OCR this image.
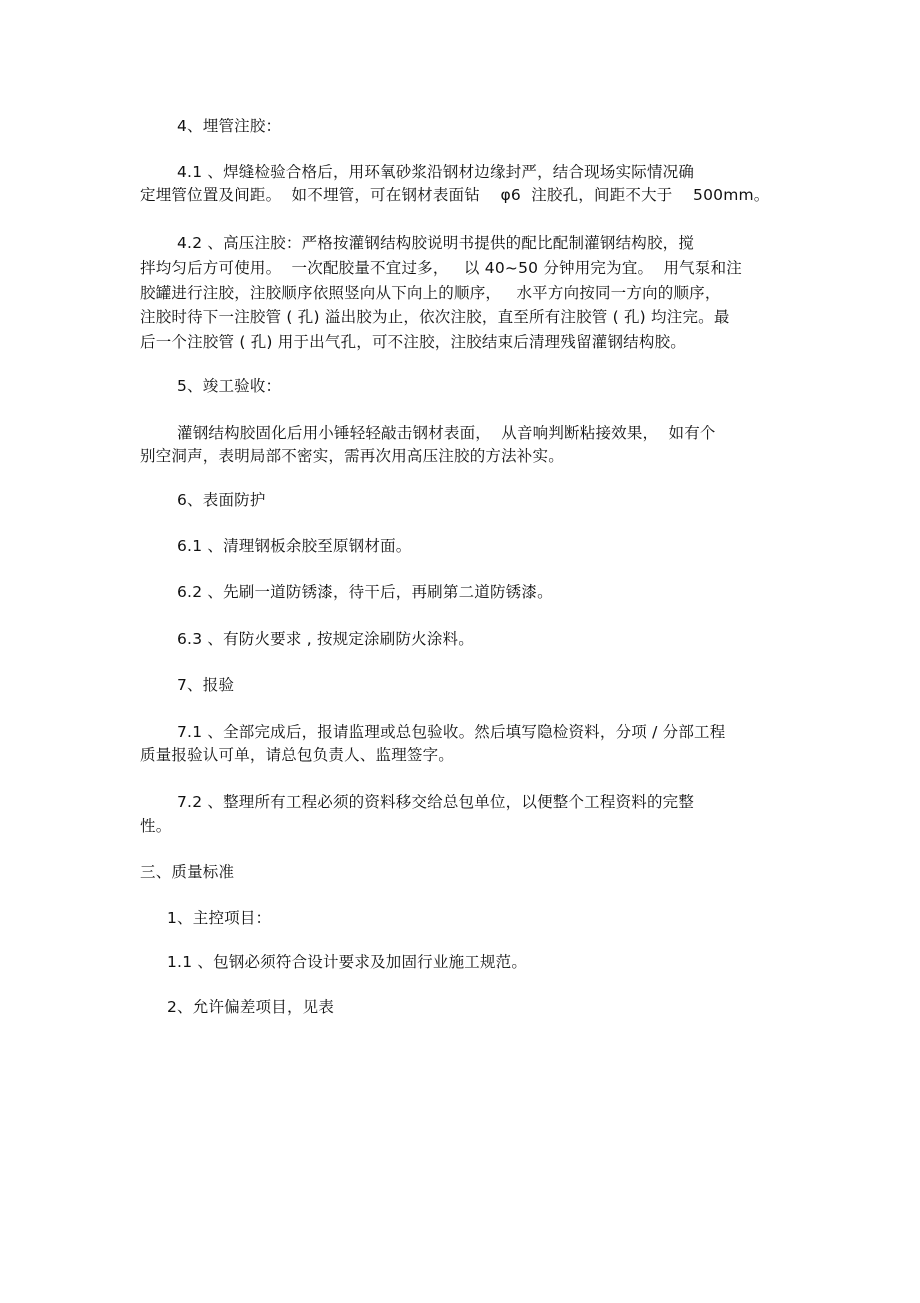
4、埋管注胶：
4.1 、焊缝检验合格后，用环氧砂浆沿钢材边缘封严，结合现场实际情况确
定埋管位置及间距。  如不埋管，可在钢材表面钻    φ6  注胶孔，间距不大于    500mm。
4.2 、高压注胶：严格按灌钢结构胶说明书提供的配比配制灌钢结构胶，搅
拌均匀后方可使用。  一次配胶量不宜过多，   以 40~50 分钟用完为宜。  用气泵和注
胶罐进行注胶，注胶顺序依照竖向从下向上的顺序，   水平方向按同一方向的顺序，
注胶时待下一注胶管 ( 孔) 溢出胶为止，依次注胶，直至所有注胶管 ( 孔) 均注完。最
后一个注胶管 ( 孔) 用于出气孔，可不注胶，注胶结束后清理残留灌钢结构胶。
5、竣工验收：
灌钢结构胶固化后用小锤轻轻敲击钢材表面，  从音响判断粘接效果，  如有个
别空洞声，表明局部不密实，需再次用高压注胶的方法补实。
6、表面防护
6.1 、清理钢板余胶至原钢材面。
6.2 、先刷一道防锈漆，待干后，再刷第二道防锈漆。
6.3 、有防火要求 , 按规定涂刷防火涂料。
7、报验
7.1 、全部完成后，报请监理或总包验收。然后填写隐检资料，分项 / 分部工程
质量报验认可单，请总包负责人、监理签字。
7.2 、整理所有工程必须的资料移交给总包单位，以便整个工程资料的完整
性。
三、质量标准
1、主控项目：
1.1 、包钢必须符合设计要求及加固行业施工规范。
2、允许偏差项目，见表
